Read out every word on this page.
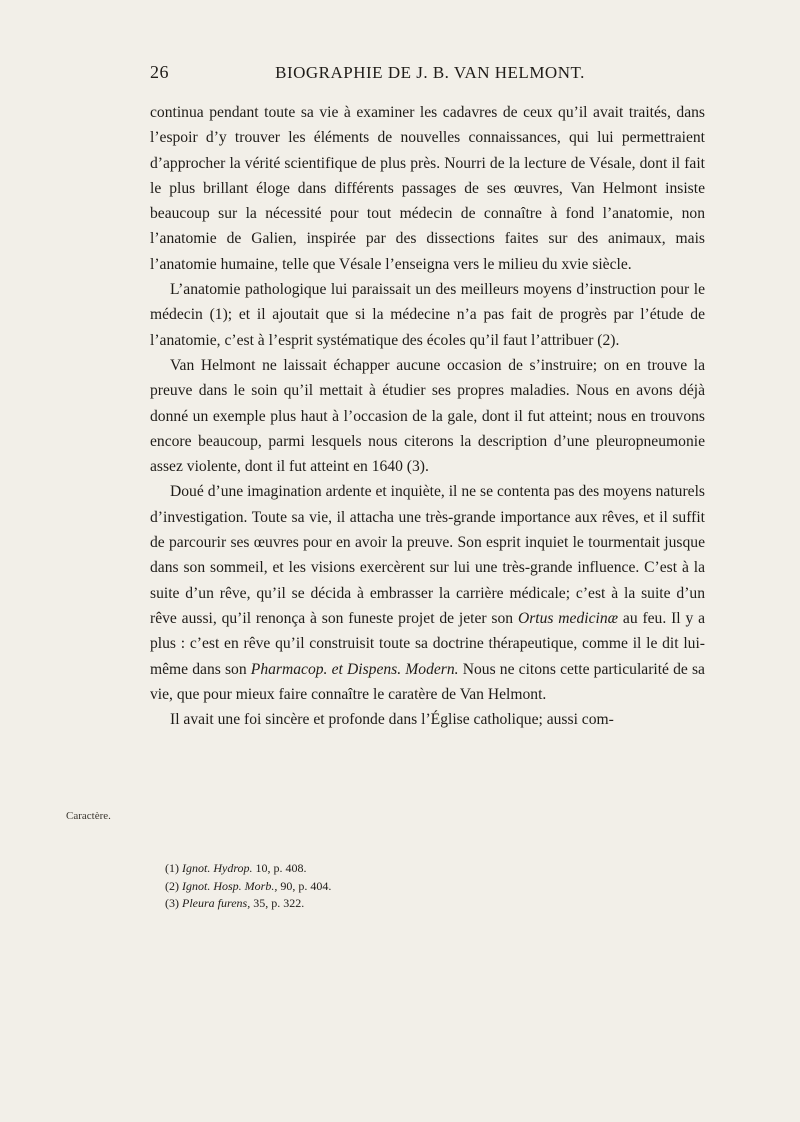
26	BIOGRAPHIE DE J. B. VAN HELMONT.

continua pendant toute sa vie à examiner les cadavres de ceux qu’il avait traités, dans l’espoir d’y trouver les éléments de nouvelles connaissances, qui lui permettraient d’approcher la vérité scientifique de plus près. Nourri de la lecture de Vésale, dont il fait le plus brillant éloge dans différents passages de ses œuvres, Van Helmont insiste beaucoup sur la nécessité pour tout médecin de connaître à fond l’anatomie, non l’anatomie de Galien, inspirée par des dissections faites sur des animaux, mais l’anatomie humaine, telle que Vésale l’enseigna vers le milieu du xvie siècle.

L’anatomie pathologique lui paraissait un des meilleurs moyens d’instruction pour le médecin (1); et il ajoutait que si la médecine n’a pas fait de progrès par l’étude de l’anatomie, c’est à l’esprit systématique des écoles qu’il faut l’attribuer (2).

Van Helmont ne laissait échapper aucune occasion de s’instruire; on en trouve la preuve dans le soin qu’il mettait à étudier ses propres maladies. Nous en avons déjà donné un exemple plus haut à l’occasion de la gale, dont il fut atteint; nous en trouvons encore beaucoup, parmi lesquels nous citerons la description d’une pleuropneumonie assez violente, dont il fut atteint en 1640 (3).

Doué d’une imagination ardente et inquiète, il ne se contenta pas des moyens naturels d’investigation. Toute sa vie, il attacha une très-grande importance aux rêves, et il suffit de parcourir ses œuvres pour en avoir la preuve. Son esprit inquiet le tourmentait jusque dans son sommeil, et les visions exercèrent sur lui une très-grande influence. C’est à la suite d’un rêve, qu’il se décida à embrasser la carrière médicale; c’est à la suite d’un rêve aussi, qu’il renonça à son funeste projet de jeter son Ortus medicinæ au feu. Il y a plus : c’est en rêve qu’il construisit toute sa doctrine thérapeutique, comme il le dit lui-même dans son Pharmacop. et Dispens. Modern. Nous ne citons cette particularité de sa vie, que pour mieux faire connaître le caratère de Van Helmont.

Il avait une foi sincère et profonde dans l’Église catholique; aussi com-

Caractère.
(1) Ignot. Hydrop. 10, p. 408.
(2) Ignot. Hosp. Morb., 90, p. 404.
(3) Pleura furens, 35, p. 322.
